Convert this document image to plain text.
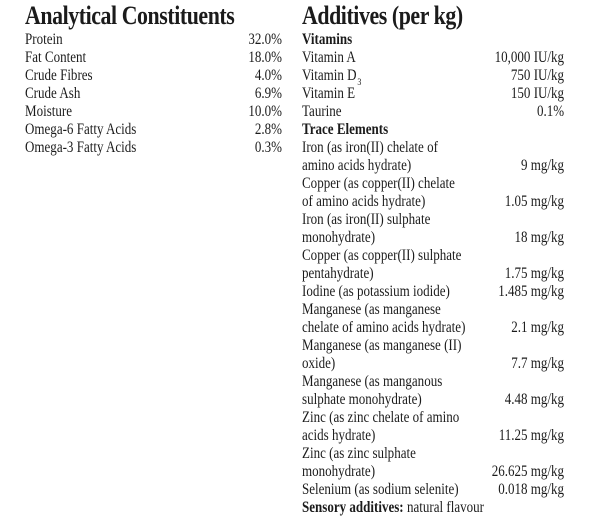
Analytical Constituents
Protein	32.0%
Fat Content	18.0%
Crude Fibres	4.0%
Crude Ash	6.9%
Moisture	10.0%
Omega-6 Fatty Acids	2.8%
Omega-3 Fatty Acids	0.3%
Additives (per kg)
Vitamins
Vitamin A	10,000 IU/kg
Vitamin $D_3$	750 IU/kg
Vitamin E	150 IU/kg
Taurine	0.1%
Trace Elements
Iron (as iron(II) chelate of
amino acids hydrate)	9 mg/kg
Copper (as copper(II) chelate
of amino acids hydrate)	1.05 mg/kg
Iron (as iron(II) sulphate
monohydrate)	18 mg/kg
Copper (as copper(II) sulphate
pentahydrate)	1.75 mg/kg
Iodine (as potassium iodide)	1.485 mg/kg
Manganese (as manganese
chelate of amino acids hydrate)	2.1 mg/kg
Manganese (as manganese (II)
oxide)	7.7 mg/kg
Manganese (as manganous
sulphate monohydrate)	4.48 mg/kg
Zinc (as zinc chelate of amino
acids hydrate)	11.25 mg/kg
Zinc (as zinc sulphate
monohydrate)	26.625 mg/kg
Selenium (as sodium selenite)	0.018 mg/kg
Sensory additives: natural flavour
